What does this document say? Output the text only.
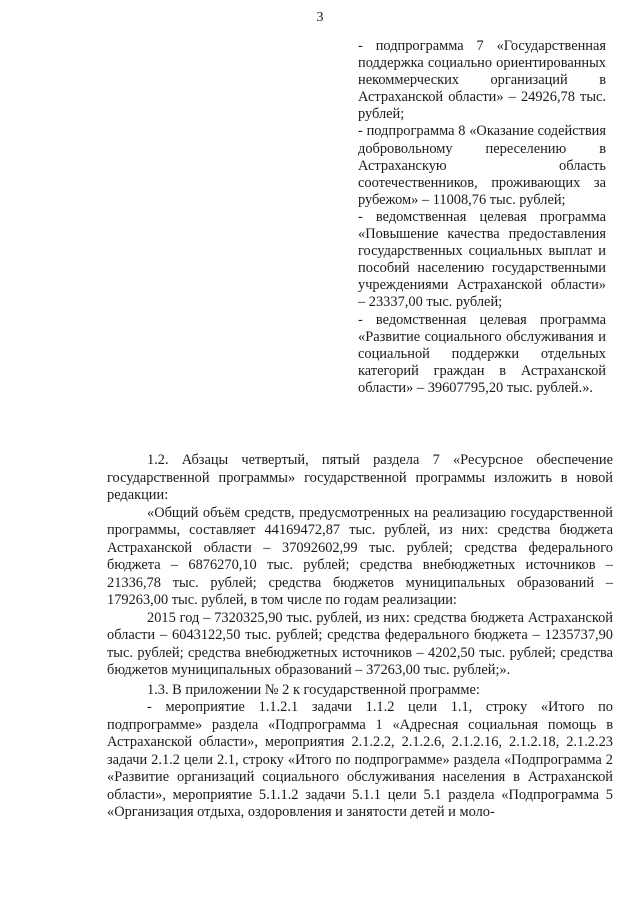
3

- подпрограмма 7 «Государственная поддержка социально ориентированных некоммерческих организаций в Астраханской области» – 24926,78 тыс. рублей;

- подпрограмма 8 «Оказание содействия добровольному переселению в Астраханскую область соотечественников, проживающих за рубежом» – 11008,76 тыс. рублей;

- ведомственная целевая программа «Повышение качества предоставления государственных социальных выплат и пособий населению государственными учреждениями Астраханской области» – 23337,00 тыс. рублей;

- ведомственная целевая программа «Развитие социального обслуживания и социальной поддержки отдельных категорий граждан в Астраханской области» – 39607795,20 тыс. рублей.».

1.2. Абзацы четвертый, пятый раздела 7 «Ресурсное обеспечение государственной программы» государственной программы изложить в новой редакции:

«Общий объём средств, предусмотренных на реализацию государственной программы, составляет 44169472,87 тыс. рублей, из них: средства бюджета Астраханской области – 37092602,99 тыс. рублей; средства федерального бюджета – 6876270,10 тыс. рублей; средства внебюджетных источников – 21336,78 тыс. рублей; средства бюджетов муниципальных образований – 179263,00 тыс. рублей, в том числе по годам реализации:

2015 год – 7320325,90 тыс. рублей, из них: средства бюджета Астраханской области – 6043122,50 тыс. рублей; средства федерального бюджета – 1235737,90 тыс. рублей; средства внебюджетных источников – 4202,50 тыс. рублей; средства бюджетов муниципальных образований – 37263,00 тыс. рублей;».

1.3. В приложении № 2 к государственной программе:

- мероприятие 1.1.2.1 задачи 1.1.2 цели 1.1, строку «Итого по подпрограмме» раздела «Подпрограмма 1 «Адресная социальная помощь в Астраханской области», мероприятия 2.1.2.2, 2.1.2.6, 2.1.2.16, 2.1.2.18, 2.1.2.23 задачи 2.1.2 цели 2.1, строку «Итого по подпрограмме» раздела «Подпрограмма 2 «Развитие организаций социального обслуживания населения в Астраханской области», мероприятие 5.1.1.2 задачи 5.1.1 цели 5.1 раздела «Подпрограмма 5 «Организация отдыха, оздоровления и занятости детей и моло-
